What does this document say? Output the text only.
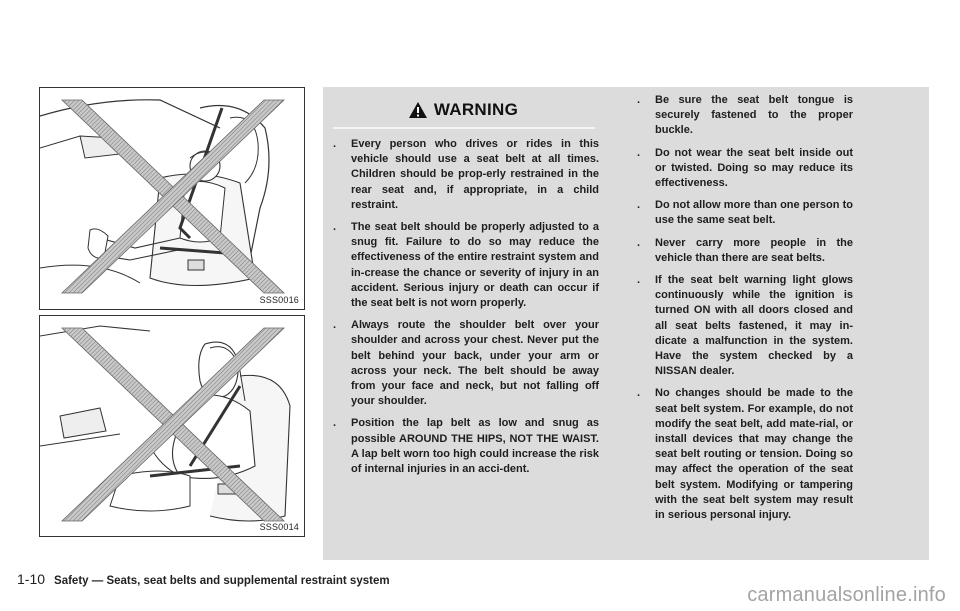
SSS0016
SSS0014
WARNING
. Every person who drives or rides in this vehicle should use a seat belt at all times. Children should be prop-erly restrained in the rear seat and, if appropriate, in a child restraint.
. The seat belt should be properly adjusted to a snug fit. Failure to do so may reduce the effectiveness of the entire restraint system and in-crease the chance or severity of injury in an accident. Serious injury or death can occur if the seat belt is not worn properly.
. Always route the shoulder belt over your shoulder and across your chest. Never put the belt behind your back, under your arm or across your neck. The belt should be away from your face and neck, but not falling off your shoulder.
. Position the lap belt as low and snug as possible AROUND THE HIPS, NOT THE WAIST. A lap belt worn too high could increase the risk of internal injuries in an acci-dent.
. Be sure the seat belt tongue is securely fastened to the proper buckle.
. Do not wear the seat belt inside out or twisted. Doing so may reduce its effectiveness.
. Do not allow more than one person to use the same seat belt.
. Never carry more people in the vehicle than there are seat belts.
. If the seat belt warning light glows continuously while the ignition is turned ON with all doors closed and all seat belts fastened, it may in-dicate a malfunction in the system. Have the system checked by a NISSAN dealer.
. No changes should be made to the seat belt system. For example, do not modify the seat belt, add mate-rial, or install devices that may change the seat belt routing or tension. Doing so may affect the operation of the seat belt system. Modifying or tampering with the seat belt system may result in serious personal injury.
1-10 Safety — Seats, seat belts and supplemental restraint system
carmanualsonline.info
